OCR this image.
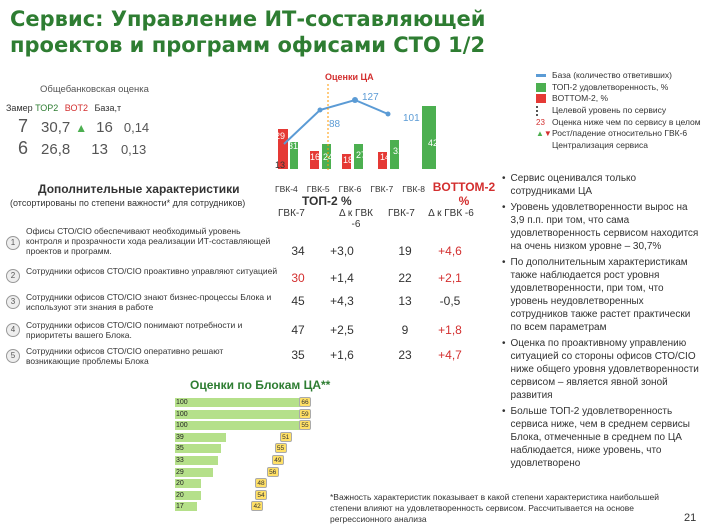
Сервис: Управление ИТ-составляющей проектов и программ офисами СТО 1/2
Общебанковская оценка
Замер ТОР2 ВОТ2 База,т
7 30,7 ▲ 16 0,14
6 26,8 13 0,13
Оценки ЦА
127
101
88
29
31
16 24 18 27 14
31
42
13
ГВК-4 ГВК-5 ГВК-6 ГВК-7 ГВК-8
База (количество ответивших)
ТОП-2 удовлетворенность, %
BOTTOM-2, %
Целевой уровень по сервису
23 Оценка ниже чем по сервису в целом
▲▼ Рост/падение относительно ГВК-6
Централизация сервиса
Дополнительные характеристики
(отсортированы по степени важности* для сотрудников)	ТОП-2 %
BOTTOM-2 %
ГВК-7	Δ к ГВК -6
ГВК-7 Δ к ГВК -6
1
Офисы СТО/CIO обеспечивают необходимый уровень контроля и прозрачности хода реализации ИТ-составляющей проектов и программ.	34	+3,0	19	+4,6
2	Сотрудники офисов СТО/CIO проактивно управляют ситуацией	30	+1,4	22	+2,1
3	Сотрудники офисов СТО/CIO знают бизнес-процессы Блока и используют эти знания в работе	45	+4,3	13	-0,5
4	Сотрудники офисов СТО/CIO понимают потребности и приоритеты вашего Блока.	47	+2,5	9	+1,8
5	Сотрудники офисов СТО/CIO оперативно решают возникающие проблемы Блока	35	+1,6	23	+4,7
Оценки по Блокам ЦА**
100	66
100	59
100	55
39	51
35	55
33	49
29	56
20	48
20	54
17	42
*Важность характеристик показывает в какой степени характеристика наибольшей степени влияют на удовлетворенность сервисом. Рассчитывается на основе регрессионного анализа
• Сервис оценивался только сотрудниками ЦА
• Уровень удовлетворенности вырос на 3,9 п.п. при том, что сама удовлетворенность сервисом находится на очень низком уровне – 30,7%
• По дополнительным характеристикам также наблюдается рост уровня удовлетворенности, при том, что уровень неудовлетворенных сотрудников также растет практически по всем параметрам
• Оценка по проактивному управлению ситуацией со стороны офисов СТО/CIO ниже общего уровня удовлетворенности сервисом – является явной зоной развития
• Больше ТОП-2 удовлетворенность сервиса ниже, чем в среднем сервисы Блока, отмеченные в среднем по ЦА наблюдается, ниже уровень, что удовлетворено
21
